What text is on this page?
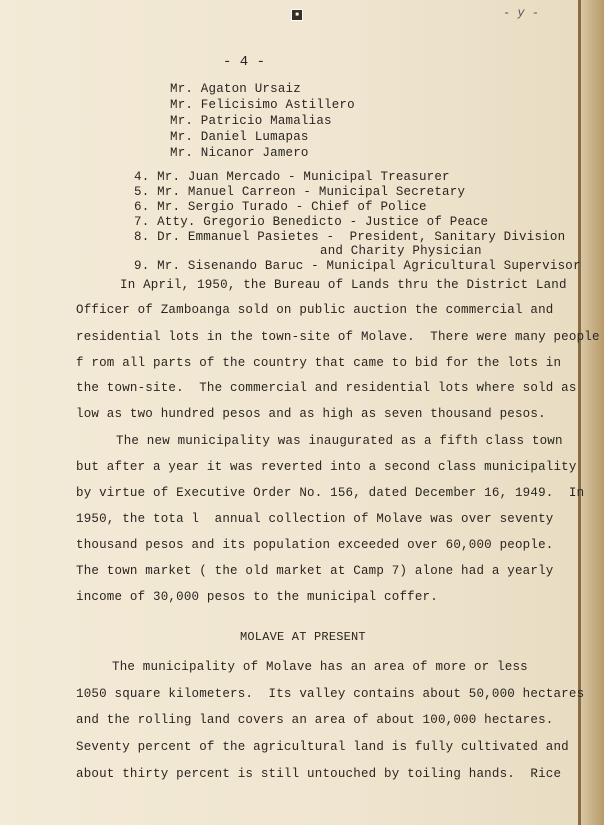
■	- y -
- 4 -
Mr. Agaton Ursaiz
Mr. Felicisimo Astillero
Mr. Patricio Mamalias
Mr. Daniel Lumapas
Mr. Nicanor Jamero
4. Mr. Juan Mercado - Municipal Treasurer
5. Mr. Manuel Carreon - Municipal Secretary
6. Mr. Sergio Turado - Chief of Police
7. Atty. Gregorio Benedicto - Justice of Peace
8. Dr. Emmanuel Pasietes -  President, Sanitary Division
and Charity Physician
9. Mr. Sisenando Baruc - Municipal Agricultural Supervisor
In April, 1950, the Bureau of Lands thru the District Land
Officer of Zamboanga sold on public auction the commercial and
residential lots in the town-site of Molave.  There were many people
f rom all parts of the country that came to bid for the lots in
the town-site.  The commercial and residential lots where sold as
low as two hundred pesos and as high as seven thousand pesos.
The new municipality was inaugurated as a fifth class town
but after a year it was reverted into a second class municipality
by virtue of Executive Order No. 156, dated December 16, 1949.  In
1950, the tota l  annual collection of Molave was over seventy
thousand pesos and its population exceeded over 60,000 people.
The town market ( the old market at Camp 7) alone had a yearly
income of 30,000 pesos to the municipal coffer.
MOLAVE AT PRESENT
The municipality of Molave has an area of more or less
1050 square kilometers.  Its valley contains about 50,000 hectares
and the rolling land covers an area of about 100,000 hectares.
Seventy percent of the agricultural land is fully cultivated and
about thirty percent is still untouched by toiling hands.  Rice
